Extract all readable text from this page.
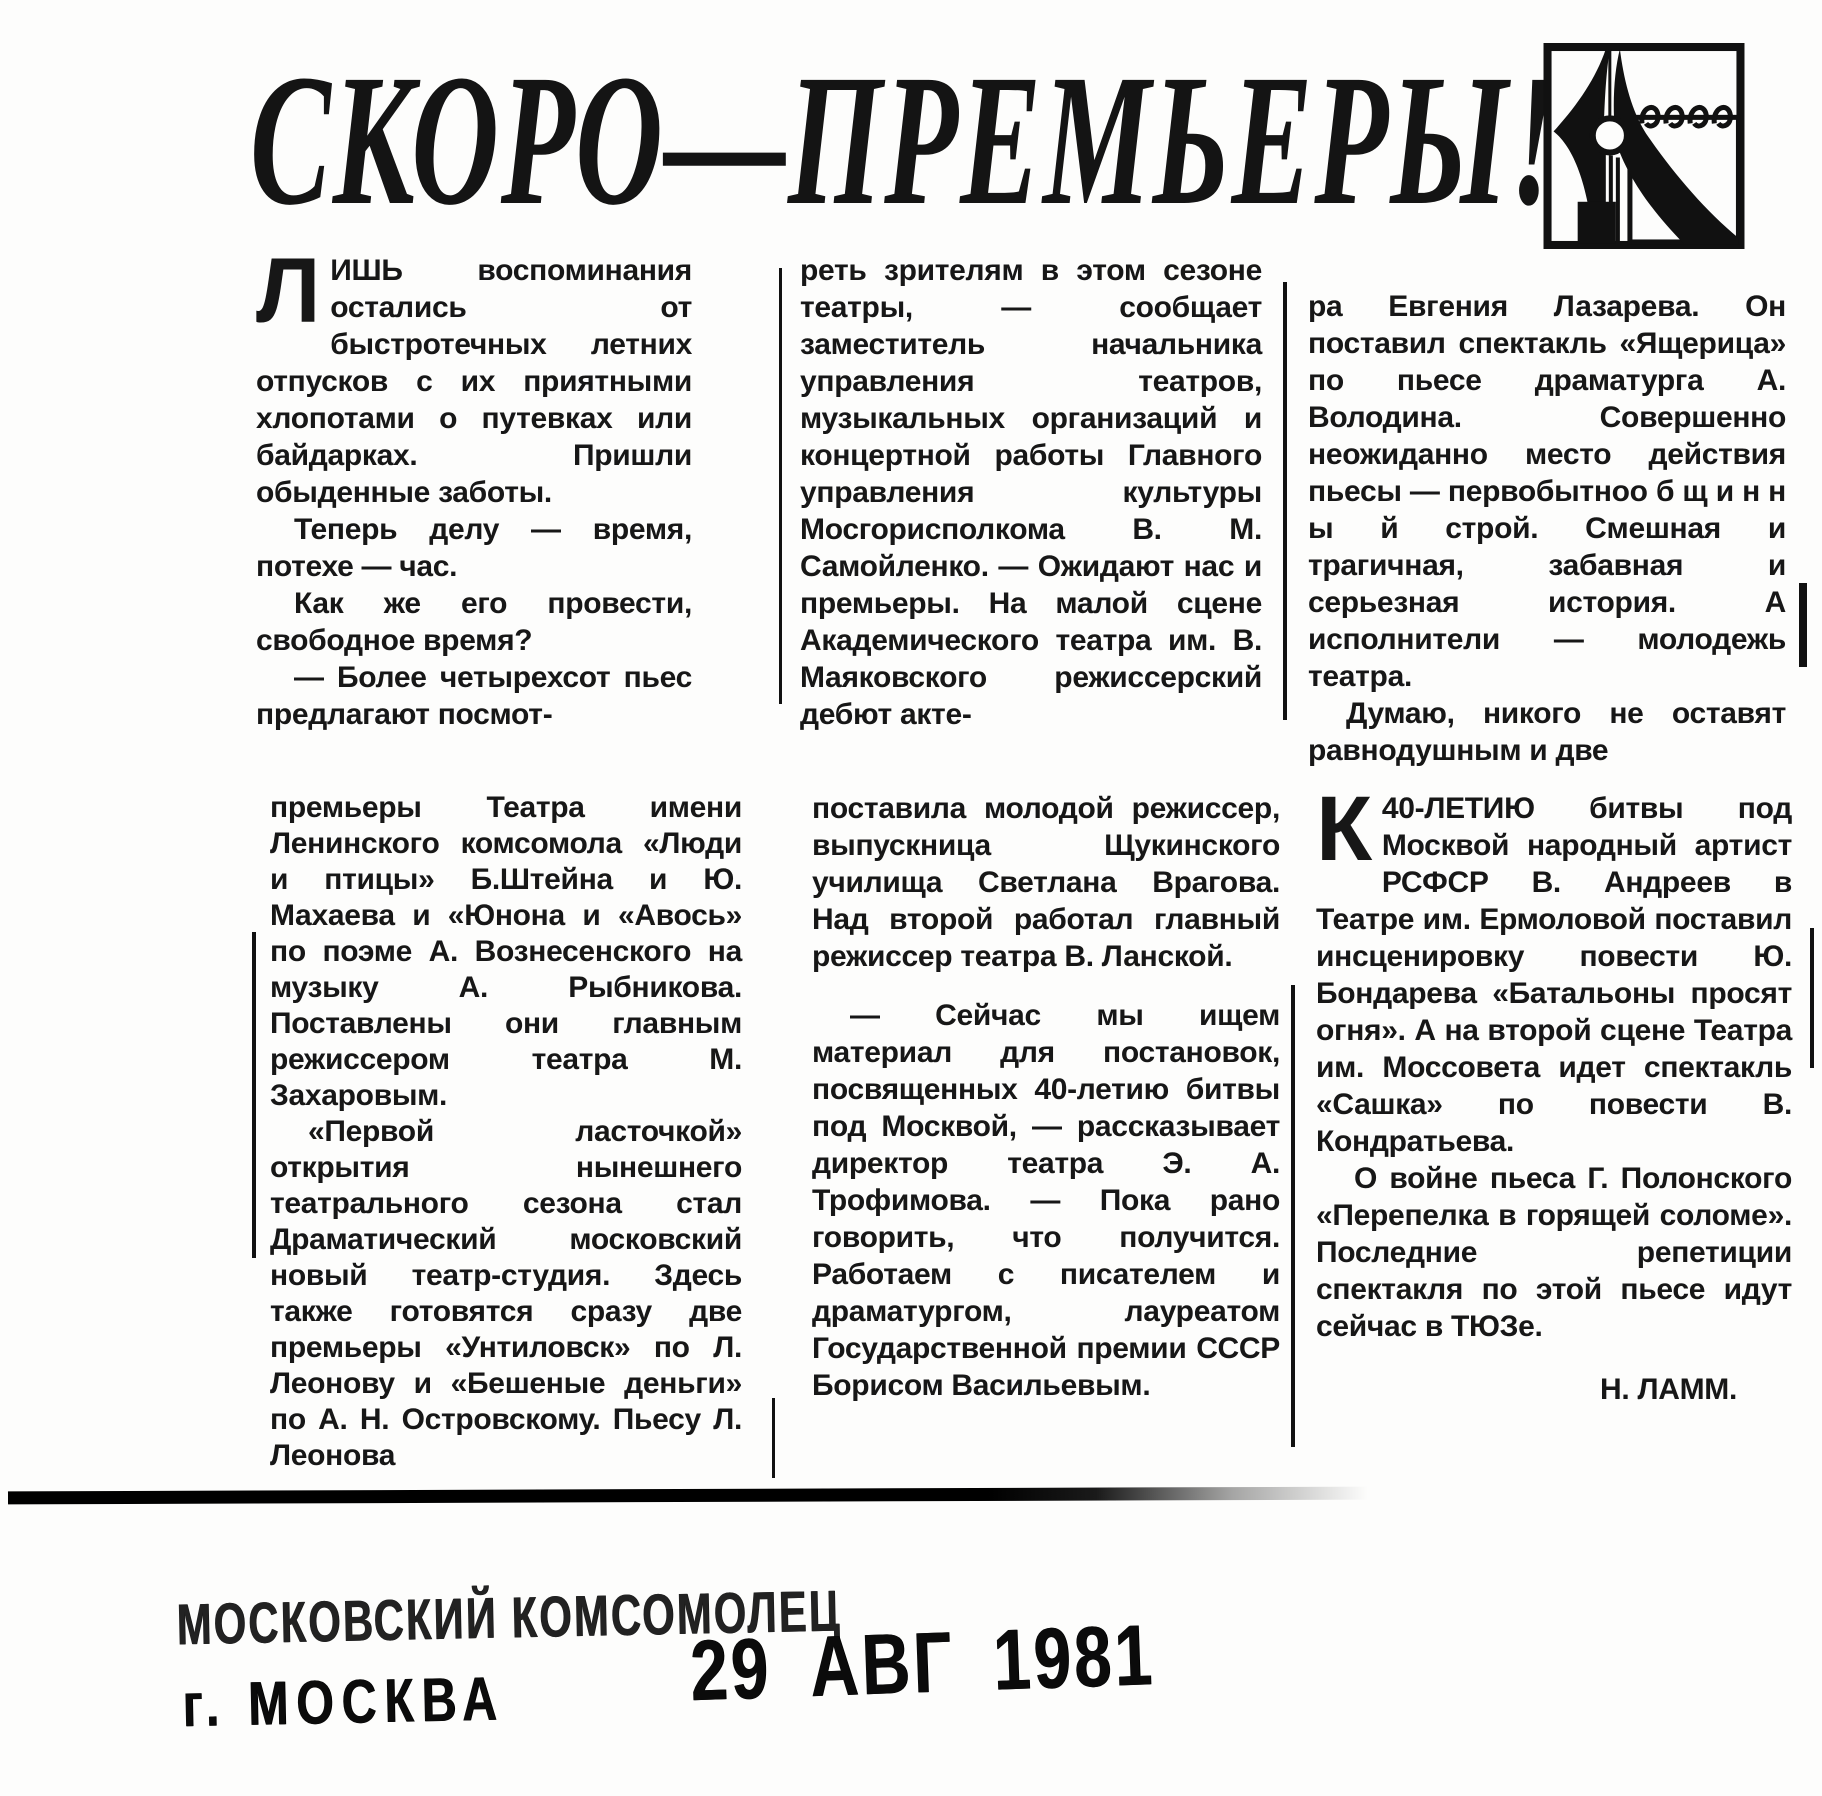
СКОРО—ПРЕМЬЕРЫ!

ЛИШЬ воспоминания остались от быстротечных летних отпусков с их приятными хлопотами о путевках или байдарках. Пришли обыденные заботы.

Теперь делу — время, потехе — час.

Как же его провести, свободное время?

— Более четырехсот пьес предлагают посмот-

реть зрителям в этом сезоне театры, — сообщает заместитель начальника управления театров, музыкальных организаций и концертной работы Главного управления культуры Мосгорисполкома В. М. Самойленко. — Ожидают нас и премьеры. На малой сцене Академического театра им. В. Маяковского режиссерский дебют акте-

ра Евгения Лазарева. Он поставил спектакль «Ящерица» по пьесе драматурга А. Володина. Совершенно неожиданно место действия пьесы — первобытноо б щ и н н ы й строй. Смешная и трагичная, забавная и серьезная история. А исполнители — молодежь театра.

Думаю, никого не оставят равнодушным и две

премьеры Театра имени Ленинского комсомола «Люди и птицы» Б.Штейна и Ю. Махаева и «Юнона и «Авось» по поэме А. Вознесенского на музыку А. Рыбникова. Поставлены они главным режиссером театра М. Захаровым.

«Первой ласточкой» открытия нынешнего театрального сезона стал Драматический московский новый театр-студия. Здесь также готовятся сразу две премьеры «Унтиловск» по Л. Леонову и «Бешеные деньги» по А. Н. Островскому. Пьесу Л. Леонова

поставила молодой режиссер, выпускница Щукинского училища Светлана Врагова. Над второй работал главный режиссер театра В. Ланской.

— Сейчас мы ищем материал для постановок, посвященных 40-летию битвы под Москвой, — рассказывает директор театра Э. А. Трофимова. — Пока рано говорить, что получится. Работаем с писателем и драматургом, лауреатом Государственной премии СССР Борисом Васильевым.

К 40-ЛЕТИЮ битвы под Москвой народный артист РСФСР В. Андреев в Театре им. Ермоловой поставил инсценировку повести Ю. Бондарева «Батальоны просят огня». А на второй сцене Театра им. Моссовета идет спектакль «Сашка» по повести В. Кондратьева.

О войне пьеса Г. Полонского «Перепелка в горящей соломе». Последние репетиции спектакля по этой пьесе идут сейчас в ТЮЗе.

Н. ЛАММ.

МОСКОВСКИЙ КОМСОМОЛЕЦ
г. МОСКВА	29 АВГ 1981
